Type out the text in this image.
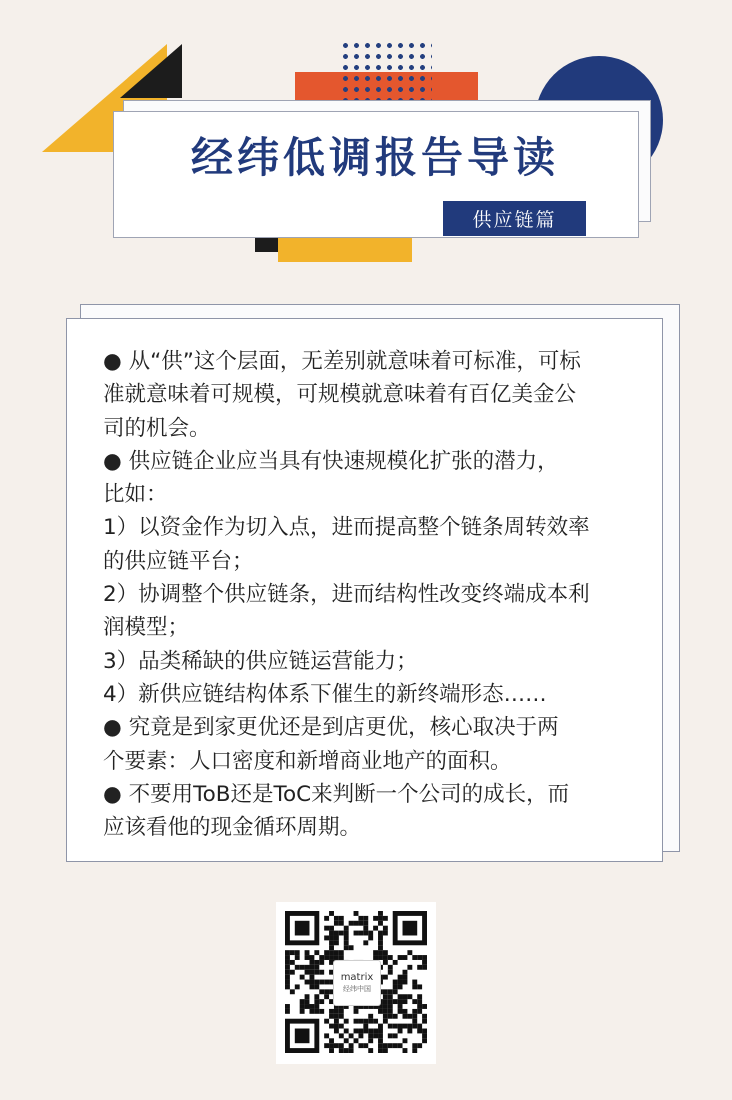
经纬低调报告导读
供应链篇

● 从“供”这个层面，无差别就意味着可标准，可标

准就意味着可规模，可规模就意味着有百亿美金公

司的机会。

● 供应链企业应当具有快速规模化扩张的潜力，

比如：

1）以资金作为切入点，进而提高整个链条周转效率

的供应链平台；

2）协调整个供应链条，进而结构性改变终端成本利

润模型；

3）品类稀缺的供应链运营能力；

4）新供应链结构体系下催生的新终端形态……

● 究竟是到家更优还是到店更优，核心取决于两

个要素：人口密度和新增商业地产的面积。

● 不要用ToB还是ToC来判断一个公司的成长，而

应该看他的现金循环周期。

matrix
经纬中国
